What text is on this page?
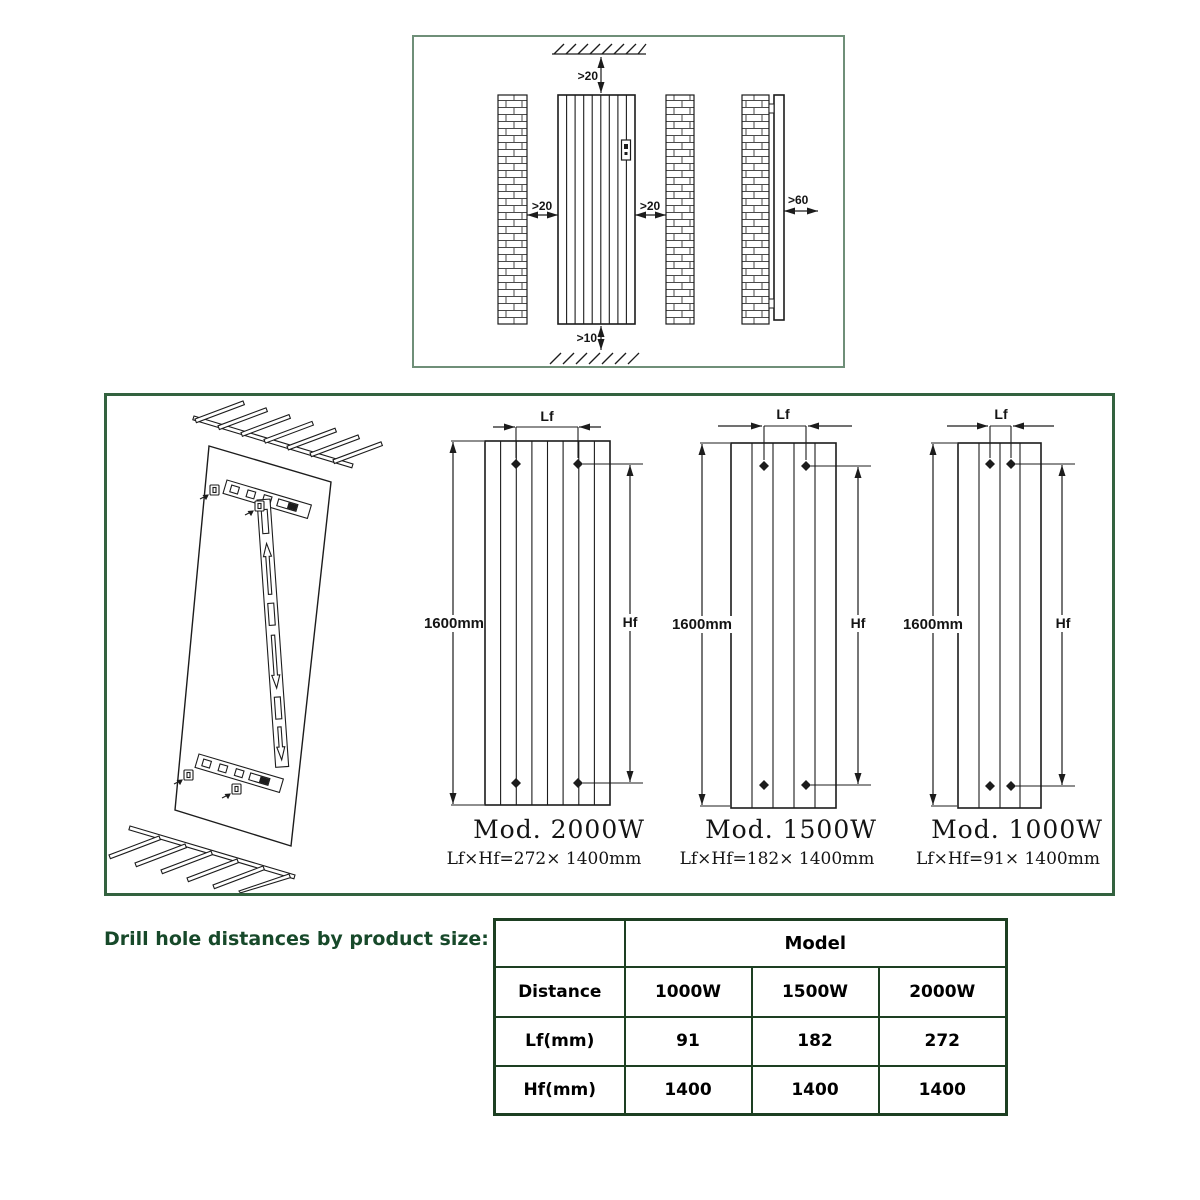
>20
>20	>20	>60
>10
Lf
1600mm	Hf
Mod. 2000W
Lf×Hf=272× 1400mm
Lf
1600mm	Hf
Mod. 1500W
Lf×Hf=182× 1400mm
Lf
1600mm	Hf
Mod. 1000W
Lf×Hf=91× 1400mm
Drill hole distances by product size:
		Model		
Distance	1000W	1500W	2000W
Lf(mm)	91	182	272
Hf(mm)	1400	1400	1400
